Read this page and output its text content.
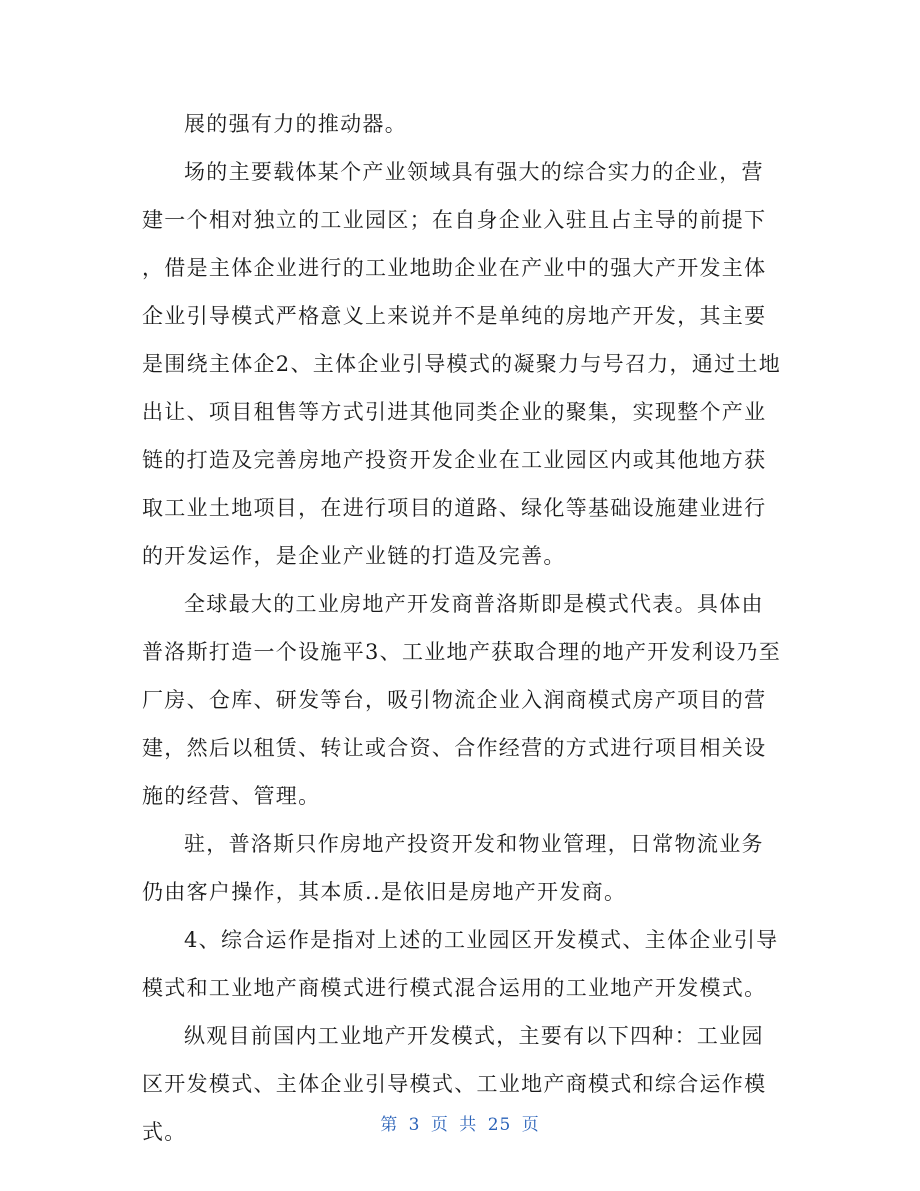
展的强有力的推动器。
场的主要载体某个产业领域具有强大的综合实力的企业，营
建一个相对独立的工业园区；在自身企业入驻且占主导的前提下
，借是主体企业进行的工业地助企业在产业中的强大产开发主体
企业引导模式严格意义上来说并不是单纯的房地产开发，其主要
是围绕主体企2、主体企业引导模式的凝聚力与号召力，通过土地
出让、项目租售等方式引进其他同类企业的聚集，实现整个产业
链的打造及完善房地产投资开发企业在工业园区内或其他地方获
取工业土地项目，在进行项目的道路、绿化等基础设施建业进行
的开发运作，是企业产业链的打造及完善。
全球最大的工业房地产开发商普洛斯即是模式代表。具体由
普洛斯打造一个设施平3、工业地产获取合理的地产开发利设乃至
厂房、仓库、研发等台，吸引物流企业入润商模式房产项目的营
建，然后以租赁、转让或合资、合作经营的方式进行项目相关设
施的经营、管理。
驻，普洛斯只作房地产投资开发和物业管理，日常物流业务
仍由客户操作，其本质..是依旧是房地产开发商。
4、综合运作是指对上述的工业园区开发模式、主体企业引导
模式和工业地产商模式进行模式混合运用的工业地产开发模式。
纵观目前国内工业地产开发模式，主要有以下四种：工业园
区开发模式、主体企业引导模式、工业地产商模式和综合运作模
式。	第 3 页 共 25 页
